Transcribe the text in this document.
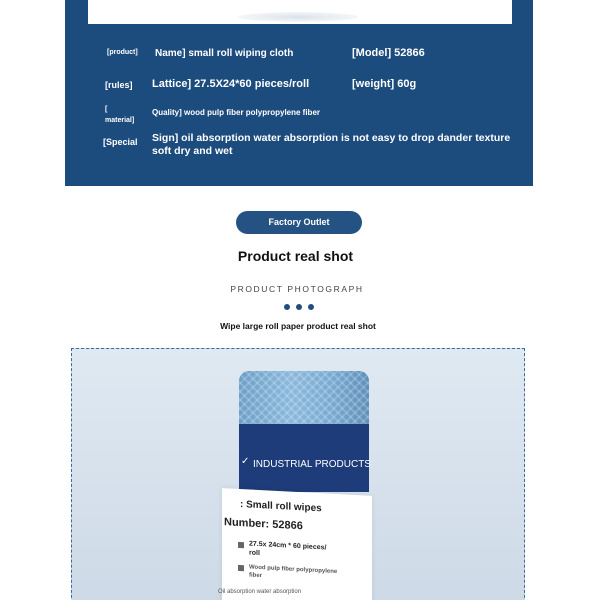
[product] Name] small roll wiping cloth	[Model] 52866
[rules] Lattice] 27.5X24*60 pieces/roll	[weight] 60g
[
material]
Quality] wood pulp fiber polypropylene fiber
[Special Sign] oil absorption water absorption is not easy to drop dander texture soft dry and wet
Factory Outlet
Product real shot
PRODUCT PHOTOGRAPH
Wipe large roll paper product real shot
✓ INDUSTRIAL PRODUCTS
: Small roll wipes
Number: 52866
27.5x 24cm * 60 pieces/ roll
Wood pulp fiber polypropylene fiber
Oil absorption water absorption
